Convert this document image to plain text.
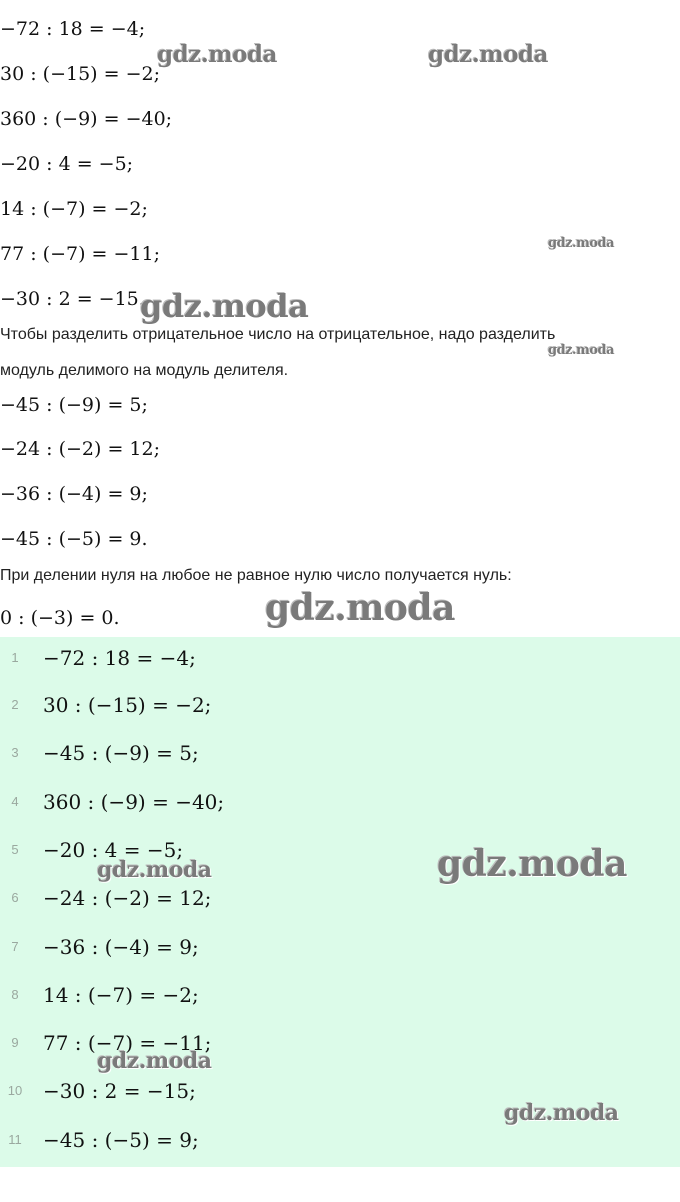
−72 : 18 = −4;
30 : (−15) = −2;
360 : (−9) = −40;
−20 : 4 = −5;
14 : (−7) = −2;
77 : (−7) = −11;
−30 : 2 = −15.
Чтобы разделить отрицательное число на отрицательное, надо разделить
модуль делимого на модуль делителя.
−45 : (−9) = 5;
−24 : (−2) = 12;
−36 : (−4) = 9;
−45 : (−5) = 9.
При делении нуля на любое не равное нулю число получается нуль:
0 : (−3) = 0.
1	−72 : 18 = −4;
2	30 : (−15) = −2;
3	−45 : (−9) = 5;
4	360 : (−9) = −40;
5	−20 : 4 = −5;
6	−24 : (−2) = 12;
7	−36 : (−4) = 9;
8	14 : (−7) = −2;
9	77 : (−7) = −11;
10	−30 : 2 = −15;
11	−45 : (−5) = 9;
gdz.moda	gdz.moda
gdz.moda
gdz.moda
gdz.moda
gdz.moda
gdz.moda	gdz.moda
gdz.moda
gdz.moda
